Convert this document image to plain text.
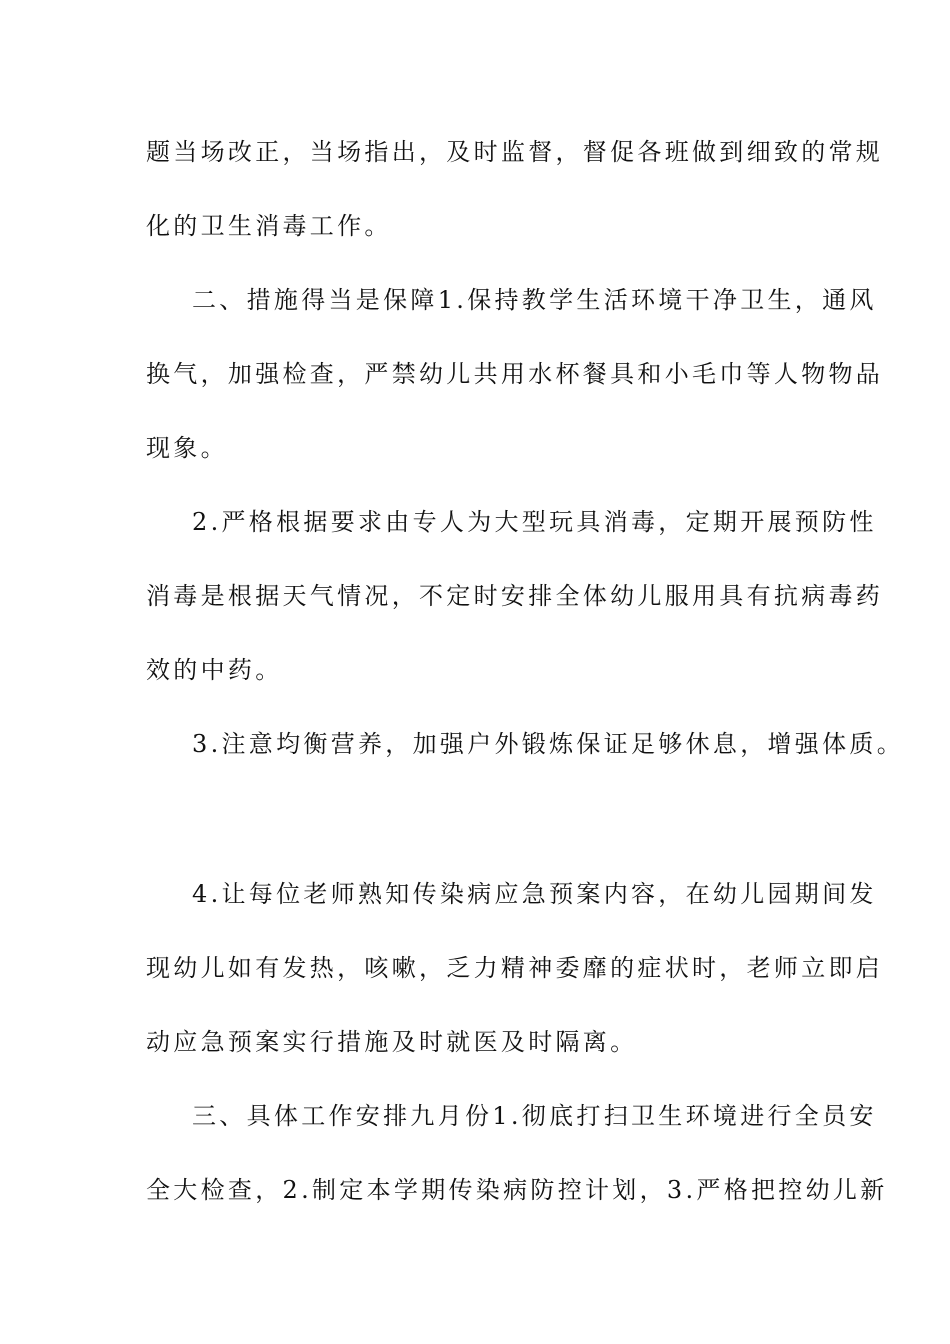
题当场改正，当场指出，及时监督，督促各班做到细致的常规
化的卫生消毒工作。
二、措施得当是保障1.保持教学生活环境干净卫生，通风
换气，加强检查，严禁幼儿共用水杯餐具和小毛巾等人物物品
现象。
2.严格根据要求由专人为大型玩具消毒，定期开展预防性
消毒是根据天气情况，不定时安排全体幼儿服用具有抗病毒药
效的中药。
3.注意均衡营养，加强户外锻炼保证足够休息，增强体质。
4.让每位老师熟知传染病应急预案内容，在幼儿园期间发
现幼儿如有发热，咳嗽，乏力精神委靡的症状时，老师立即启
动应急预案实行措施及时就医及时隔离。
三、具体工作安排九月份1.彻底打扫卫生环境进行全员安
全大检查，2.制定本学期传染病防控计划，3.严格把控幼儿新
